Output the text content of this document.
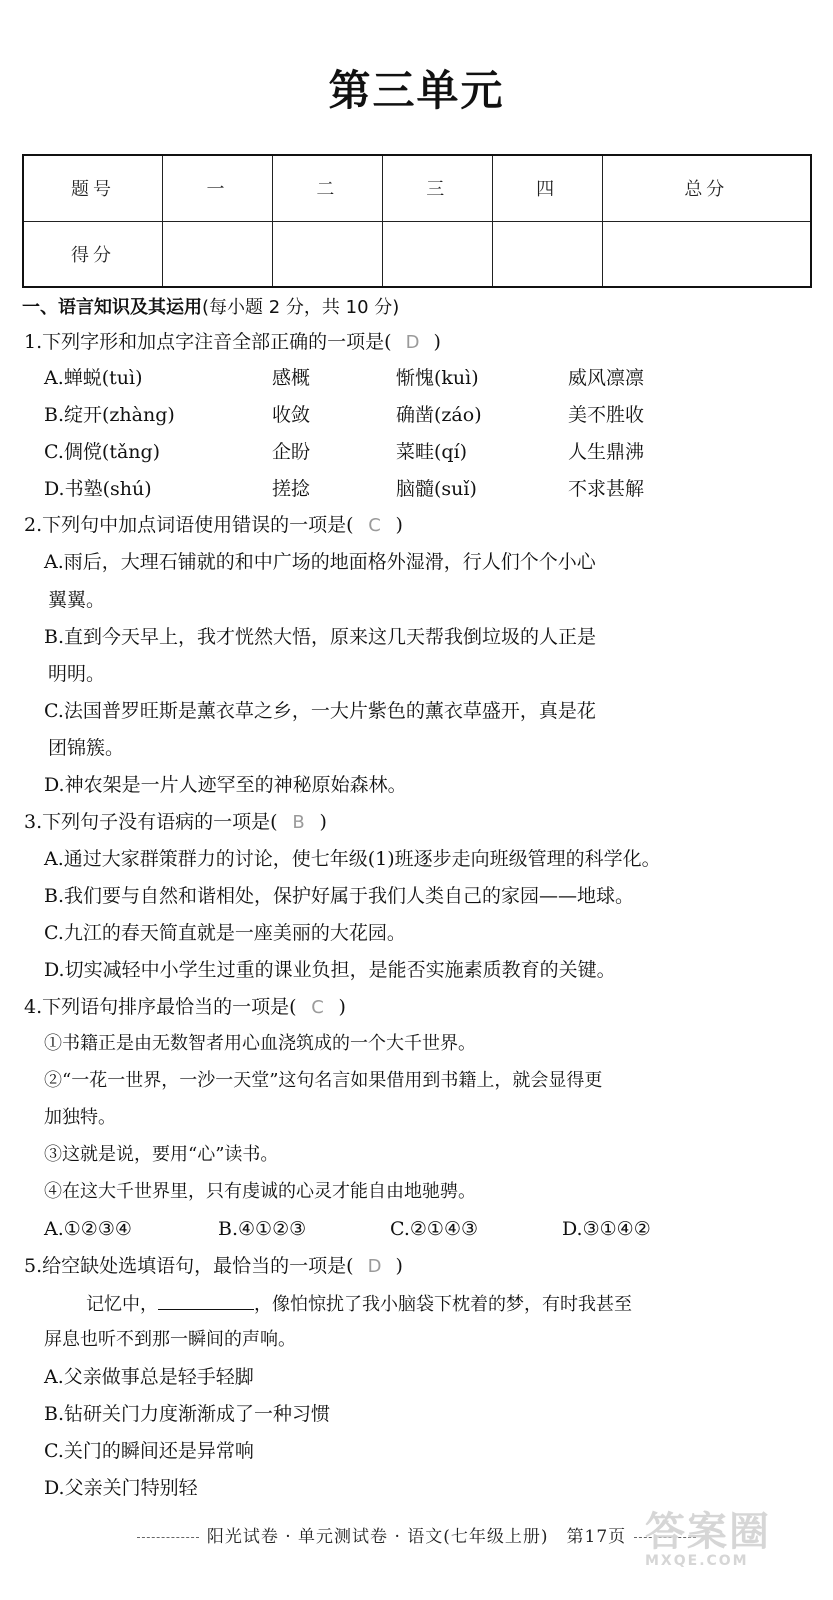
第三单元
题号	一	二	三	四	总分
得分					
一、语言知识及其运用(每小题 2 分，共 10 分)
1.下列字形和加点字注音全部正确的一项是( D )
A.蝉蜕(tuì)	感概	惭愧(kuì)	威风凛凛
B.绽开(zhàng)	收敛	确凿(záo)	美不胜收
C.倜傥(tǎng)	企盼	菜畦(qí)	人生鼎沸
D.书塾(shú)	搓捻	脑髓(suǐ)	不求甚解
2.下列句中加点词语使用错误的一项是( C )
A.雨后，大理石铺就的和中广场的地面格外湿滑，行人们个个小心
翼翼。
B.直到今天早上，我才恍然大悟，原来这几天帮我倒垃圾的人正是
明明。
C.法国普罗旺斯是薰衣草之乡，一大片紫色的薰衣草盛开，真是花
团锦簇。
D.神农架是一片人迹罕至的神秘原始森林。
3.下列句子没有语病的一项是( B )
A.通过大家群策群力的讨论，使七年级(1)班逐步走向班级管理的科学化。
B.我们要与自然和谐相处，保护好属于我们人类自己的家园——地球。
C.九江的春天简直就是一座美丽的大花园。
D.切实减轻中小学生过重的课业负担，是能否实施素质教育的关键。
4.下列语句排序最恰当的一项是( C )
①书籍正是由无数智者用心血浇筑成的一个大千世界。
②“一花一世界，一沙一天堂”这句名言如果借用到书籍上，就会显得更
加独特。
③这就是说，要用“心”读书。
④在这大千世界里，只有虔诚的心灵才能自由地驰骋。
A.①②③④	B.④①②③	C.②①④③	D.③①④②
5.给空缺处选填语句，最恰当的一项是( D )
记忆中，	，像怕惊扰了我小脑袋下枕着的梦，有时我甚至
屏息也听不到那一瞬间的声响。
A.父亲做事总是轻手轻脚
B.钻研关门力度渐渐成了一种习惯
C.关门的瞬间还是异常响
D.父亲关门特别轻
阳光试卷 · 单元测试卷 · 语文(七年级上册)　第17页 答案圈
MXQE.COM
